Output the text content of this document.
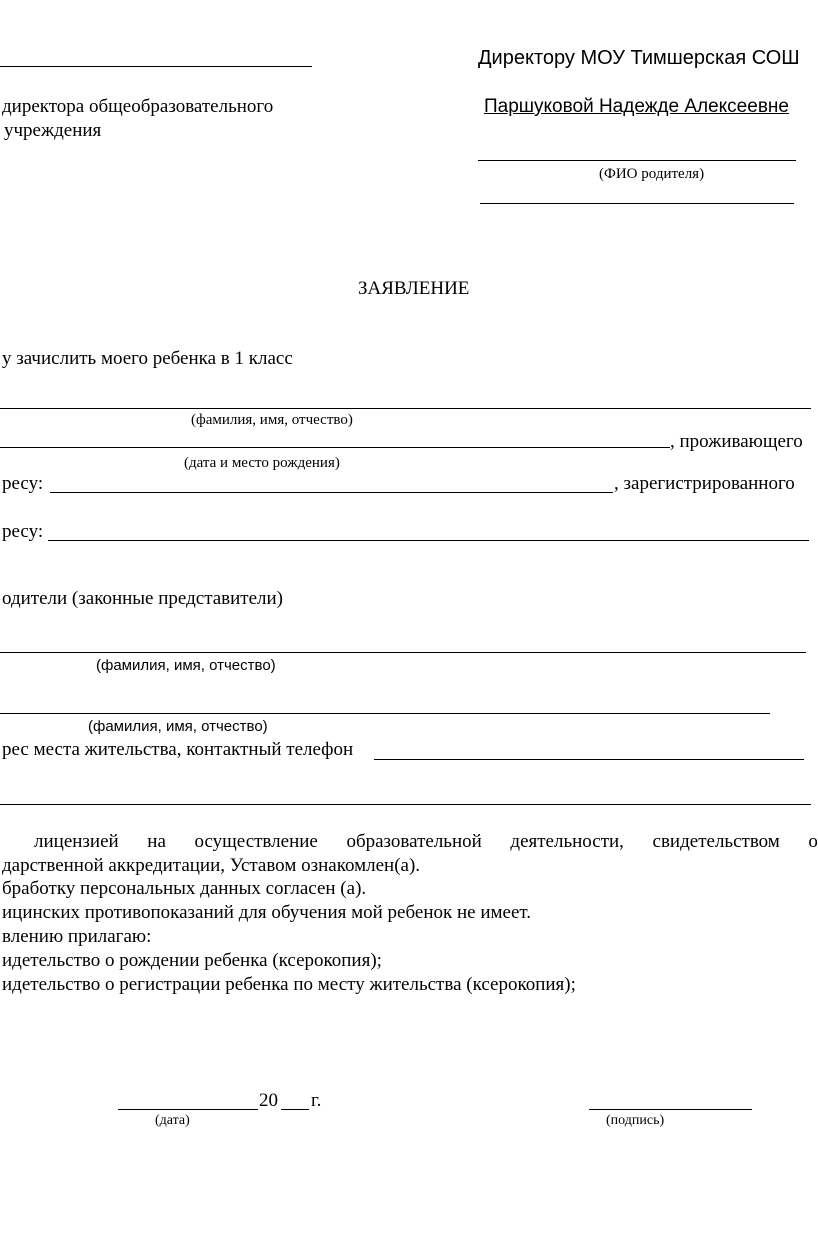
директора общеобразовательного
учреждения
Директору МОУ Тимшерская СОШ
Паршуковой Надежде Алексеевне
(ФИО родителя)
ЗАЯВЛЕНИЕ
у зачислить моего ребенка в 1 класс
(фамилия, имя, отчество)
, проживающего
(дата и место рождения)
ресу:	, зарегистрированного
ресу:
одители (законные представители)
(фамилия, имя, отчество)
(фамилия, имя, отчество)
рес места жительства, контактный телефон
лицензией на осуществление образовательной деятельности, свидетельством о
дарственной аккредитации, Уставом ознакомлен(а).
бработку персональных данных согласен (а).
ицинских противопоказаний для обучения мой ребенок не имеет.
влению прилагаю:
идетельство о рождении ребенка (ксерокопия);
идетельство о регистрации ребенка по месту жительства (ксерокопия);
20 г.
(дата)	(подпись)
